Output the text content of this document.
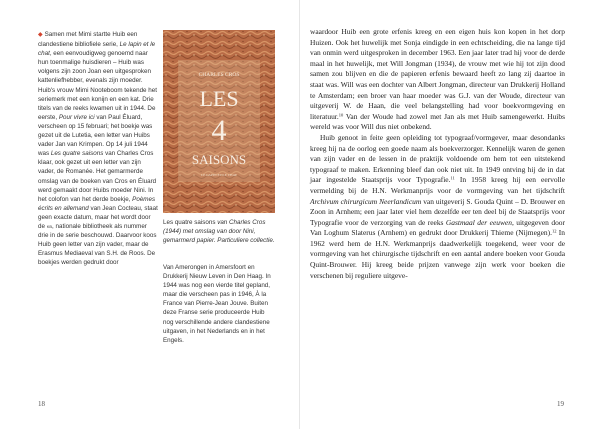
◆ Samen met Mimi startte Huib een clandestiene bibliofiele serie, Le lapin et le chat, een eenvoudigweg genoemd naar hun toenmalige huisdieren – Huib was volgens zijn zoon Joan een uitgesproken kattenliefhebber, evenals zijn moeder. Huib's vrouw Mimi Nooteboom tekende het seriemerk met een konijn en een kat. Drie titels van de reeks kwamen uit in 1944. De eerste, Pour vivre ici van Paul Éluard, verscheen op 15 februari; het boekje was gezet uit de Lutetia, een letter van Huibs vader Jan van Krimpen. Op 14 juli 1944 was Les quatre saisons van Charles Cros klaar, ook gezet uit een letter van zijn vader, de Romanée. Het gemarmerde omslag van de boeken van Cros en Éluard werd gemaakt door Huibs moeder Nini. In het colofon van het derde boekje, Poèmes écrits en allemand van Jean Cocteau, staat geen exacte datum, maar het wordt door de kb, nationale bibliotheek als nummer drie in de serie beschouwd. Daarvoor koos Huib geen letter van zijn vader, maar de Erasmus Mediaeval van S.H. de Roos. De boekjes werden gedrukt door

CHARLES CROS
LES
4
SAISONS
LE LAPIN ET LE CHAT
Les quatre saisons van Charles Cros (1944) met omslag van door Nini, gemarmerd papier. Particuliere collectie.
Van Amerongen in Amersfoort en Drukkerij Nieuw Leven in Den Haag. In 1944 was nog een vierde titel gepland, maar die verscheen pas in 1946, À la France van Pierre-Jean Jouve. Buiten deze Franse serie produceerde Huib nog verschillende andere clandestiene uitgaven, in het Nederlands en in het Engels.
18

waardoor Huib een grote erfenis kreeg en een eigen huis kon kopen in het dorp Huizen. Ook het huwelijk met Sonja eindigde in een echtscheiding, die na lange tijd van onmin werd uitgesproken in december 1963. Een jaar later trad hij voor de derde maal in het huwelijk, met Will Jongman (1934), de vrouw met wie hij tot zijn dood samen zou blijven en die de papieren erfenis bewaard heeft zo lang zij daartoe in staat was. Will was een dochter van Albert Jongman, directeur van Drukkerij Holland te Amsterdam; een broer van haar moeder was G.J. van der Woude, directeur van uitgeverij W. de Haan, die veel belangstelling had voor boekvormgeving en literatuur.$^{10}$ Van der Woude had zowel met Jan als met Huib samengewerkt. Huibs wereld was voor Will dus niet onbekend.

Huib genoot in feite geen opleiding tot typograaf/vormgever, maar desondanks kreeg hij na de oorlog een goede naam als boekverzorger. Kennelijk waren de genen van zijn vader en de lessen in de praktijk voldoende om hem tot een uitstekend typograaf te maken. Erkenning bleef dan ook niet uit. In 1949 ontving hij de in dat jaar ingestelde Staatsprijs voor Typografie.$^{11}$ In 1958 kreeg hij een eervolle vermelding bij de H.N. Werkmanprijs voor de vormgeving van het tijdschrift Archivum chirurgicum Neerlandicum van uitgeverij S. Gouda Quint – D. Brouwer en Zoon in Arnhem; een jaar later viel hem dezelfde eer ten deel bij de Staatsprijs voor Typografie voor de verzorging van de reeks Gastmaal der eeuwen, uitgegeven door Van Loghum Slaterus (Arnhem) en gedrukt door Drukkerij Thieme (Nijmegen).$^{12}$ In 1962 werd hem de H.N. Werkmanprijs daadwerkelijk toegekend, weer voor de vormgeving van het chirurgische tijdschrift en een aantal andere boeken voor Gouda Quint-Brouwer. Hij kreeg beide prijzen vanwege zijn werk voor boeken die verschenen bij reguliere uitgeve-

19
